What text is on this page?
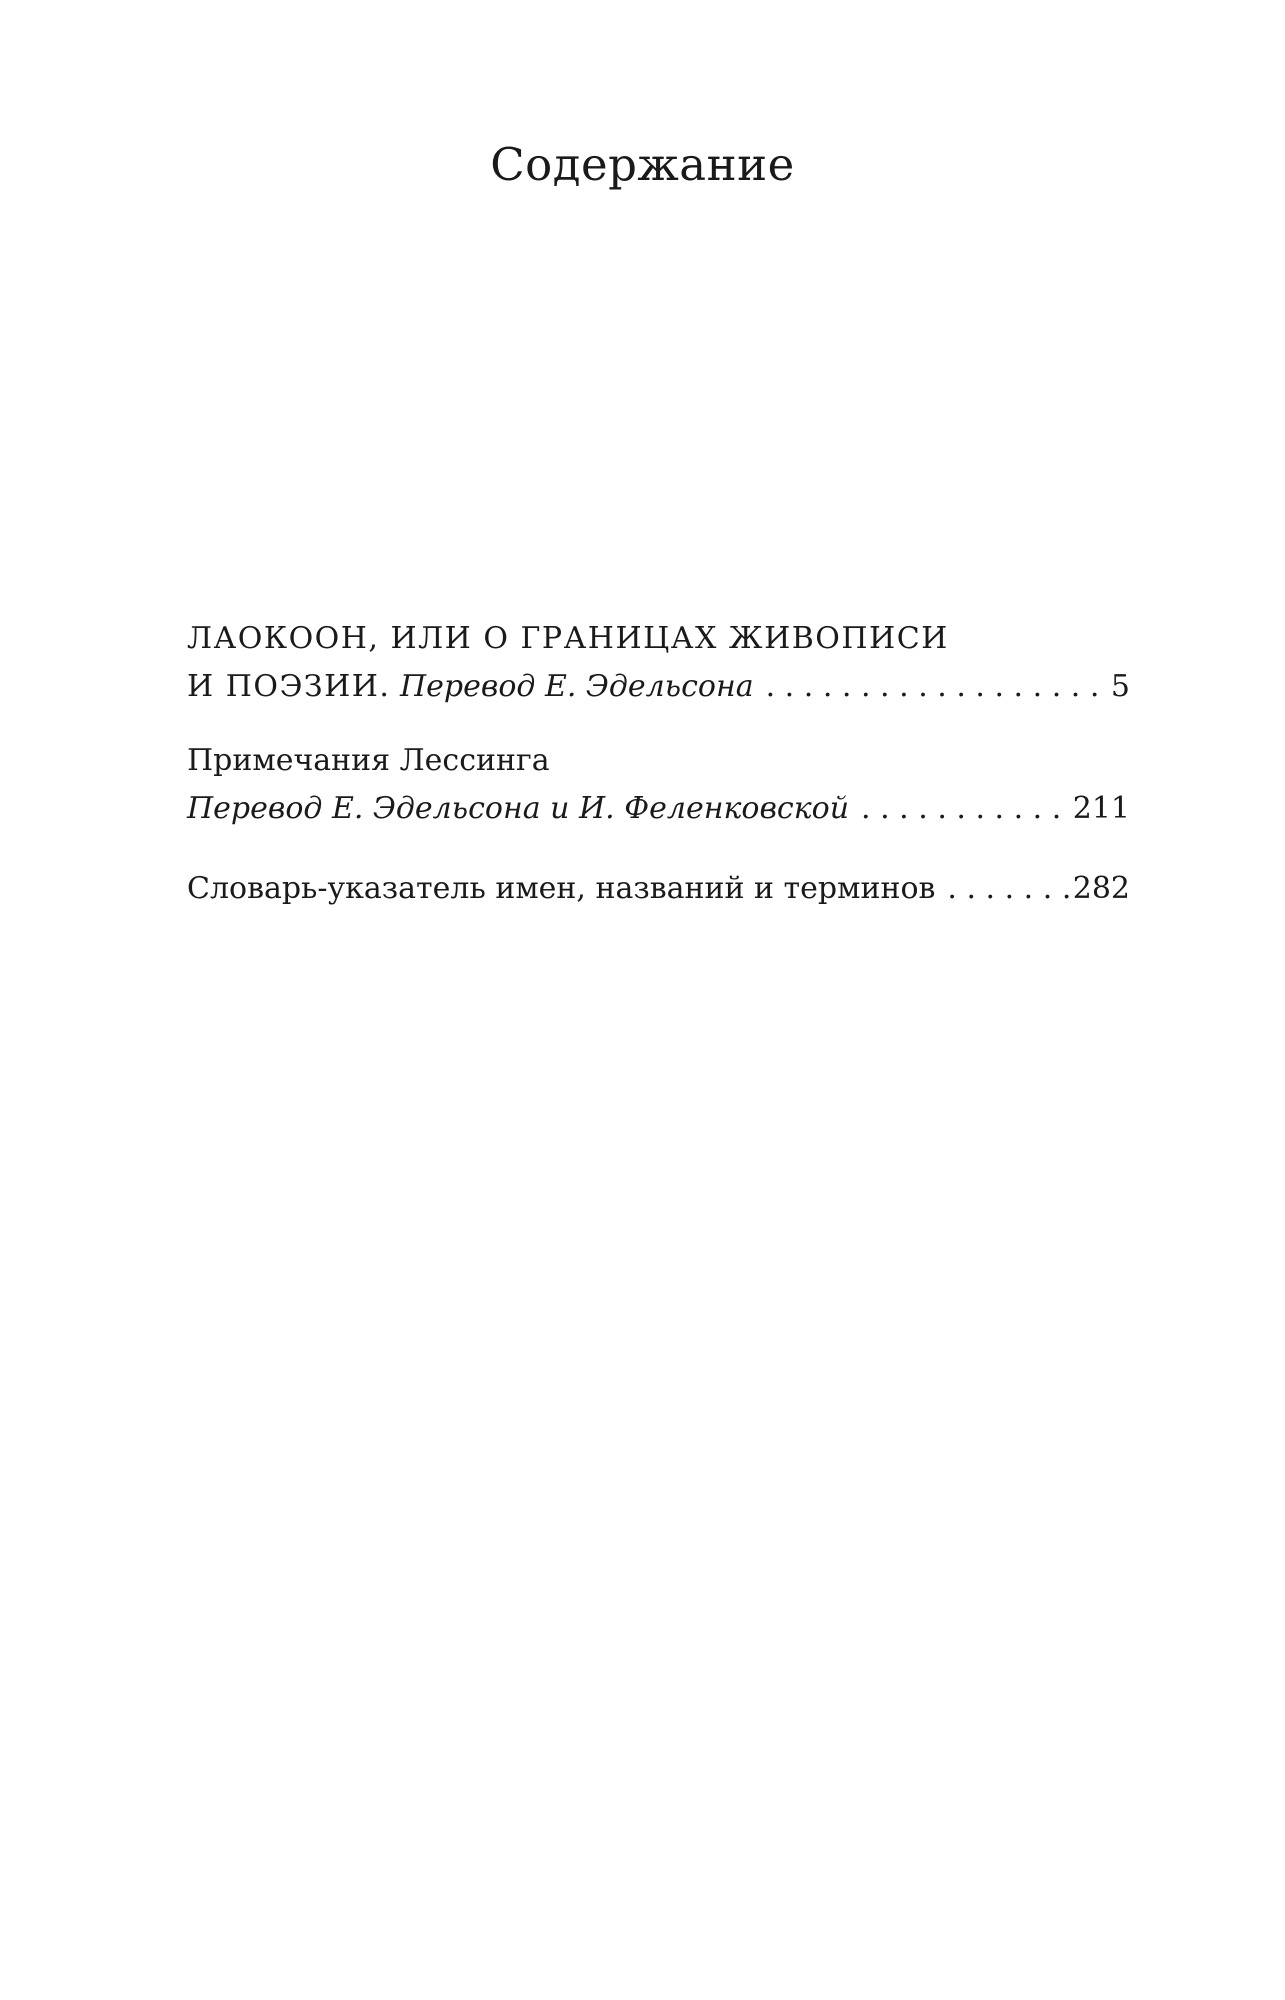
Содержание
ЛАОКООН, ИЛИ О ГРАНИЦАХ ЖИВОПИСИ
И ПОЭЗИИ.
Перевод Е. Эдельсона . . .	5
Примечания Лессинга
Перевод Е. Эдельсона и И. Феленковской . . .	211
Словарь-указатель имен, названий и терминов . . .	282
